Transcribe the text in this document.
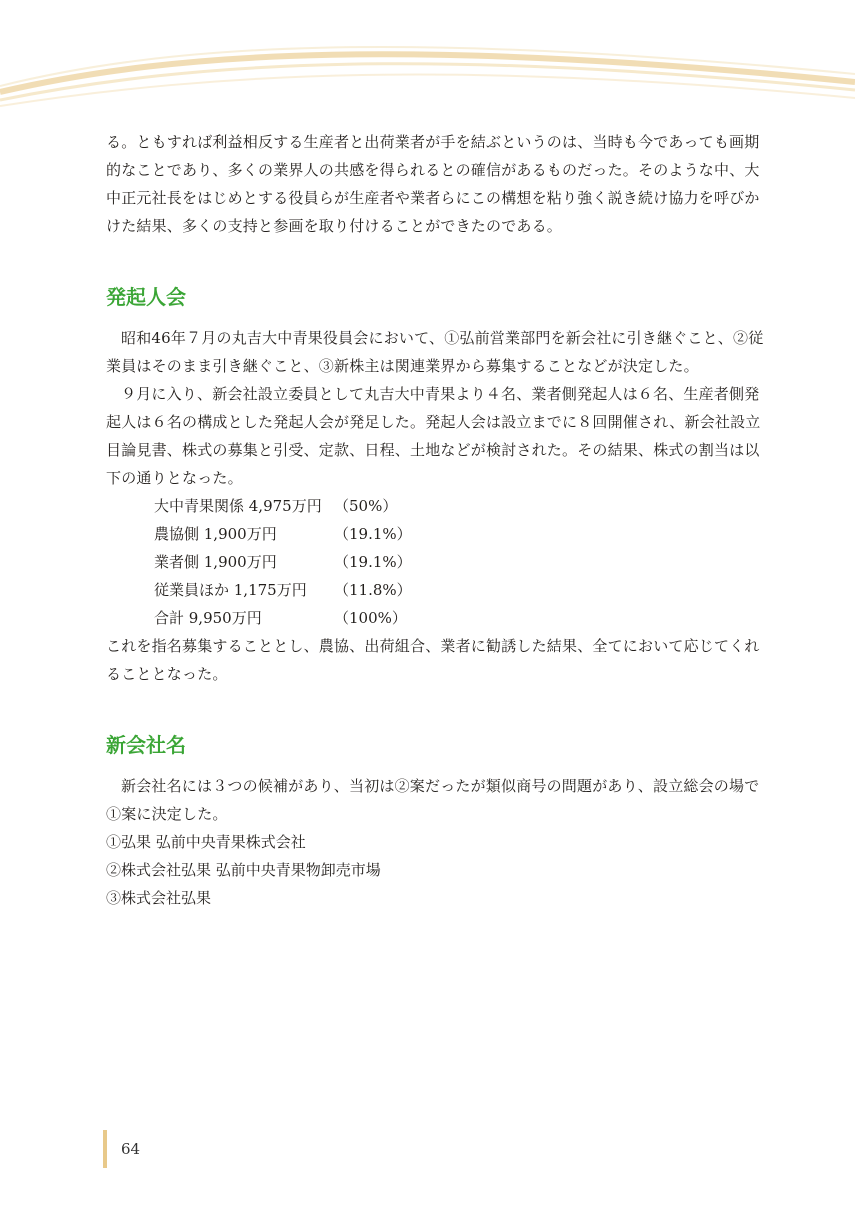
る。ともすれば利益相反する生産者と出荷業者が手を結ぶというのは、当時も今であっても画期的なことであり、多くの業界人の共感を得られるとの確信があるものだった。そのような中、大中正元社長をはじめとする役員らが生産者や業者らにこの構想を粘り強く説き続け協力を呼びかけた結果、多くの支持と参画を取り付けることができたのである。

発起人会

昭和46年７月の丸吉大中青果役員会において、①弘前営業部門を新会社に引き継ぐこと、②従業員はそのまま引き継ぐこと、③新株主は関連業界から募集することなどが決定した。

９月に入り、新会社設立委員として丸吉大中青果より４名、業者側発起人は６名、生産者側発起人は６名の構成とした発起人会が発足した。発起人会は設立までに８回開催され、新会社設立目論見書、株式の募集と引受、定款、日程、土地などが検討された。その結果、株式の割当は以下の通りとなった。

大中青果関係 4,975万円 （50%）
農協側 1,900万円	（19.1%）
業者側 1,900万円	（19.1%）
従業員ほか 1,175万円 （11.8%）
合計 9,950万円	（100%）

これを指名募集することとし、農協、出荷組合、業者に勧誘した結果、全てにおいて応じてくれることとなった。

新会社名

新会社名には３つの候補があり、当初は②案だったが類似商号の問題があり、設立総会の場で①案に決定した。

①弘果 弘前中央青果株式会社
②株式会社弘果 弘前中央青果物卸売市場
③株式会社弘果
64
